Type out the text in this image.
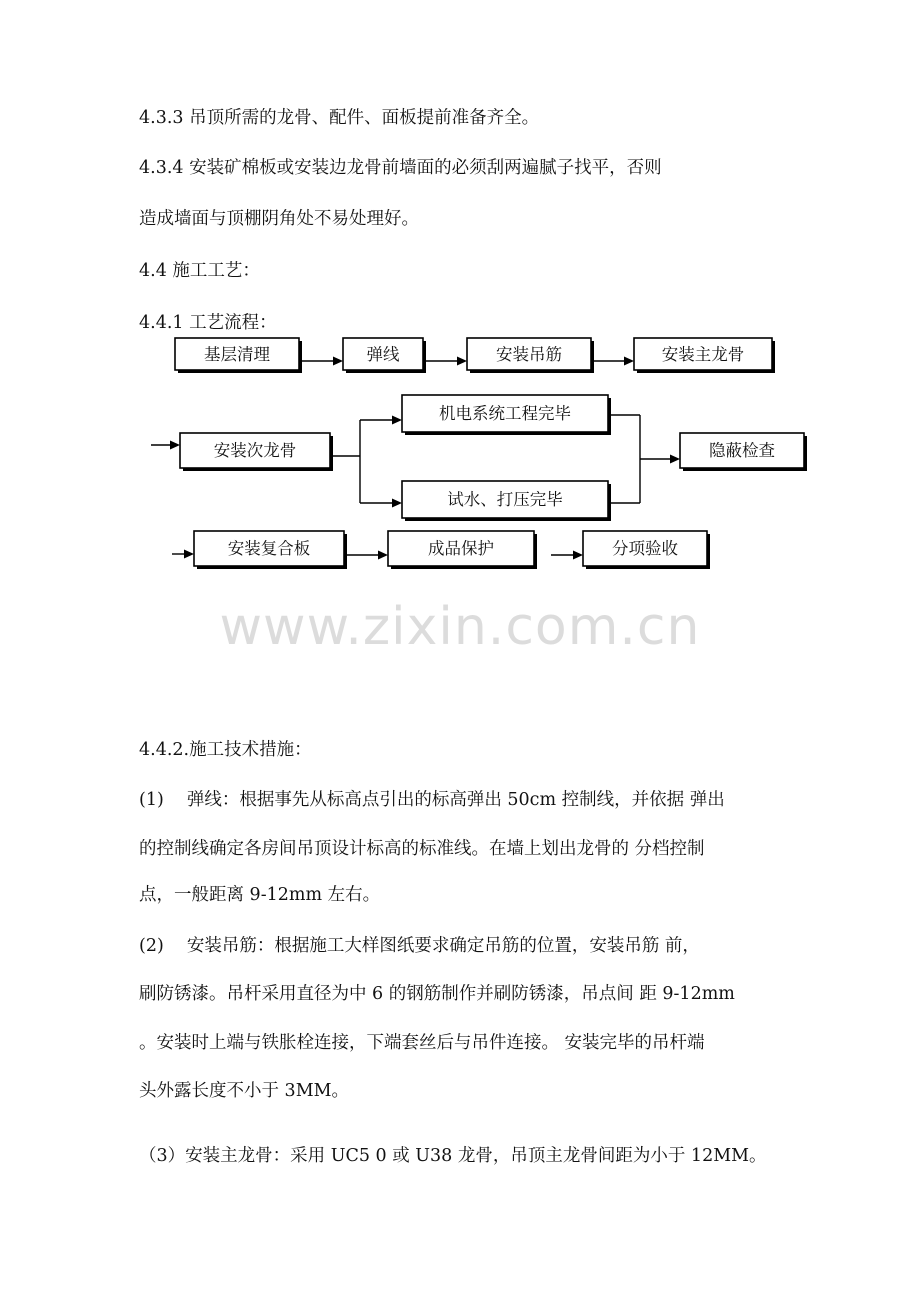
4.3.3 吊顶所需的龙骨、配件、面板提前准备齐全。
4.3.4 安装矿棉板或安装边龙骨前墙面的必须刮两遍腻子找平，否则
造成墙面与顶棚阴角处不易处理好。
4.4 施工工艺：
4.4.1 工艺流程：
基层清理	弹线	安装吊筋	安装主龙骨
安装次龙骨
机电系统工程完毕
试水、打压完毕
隐蔽检查
安装复合板	成品保护	分项验收
www.zixin.com.cn
4.4.2.施工技术措施：
(1)　 弹线：根据事先从标高点引出的标高弹出 50cm 控制线，并依据 弹出
的控制线确定各房间吊顶设计标高的标准线。在墙上划出龙骨的 分档控制
点，一般距离 9-12mm 左右。
(2)　 安装吊筋：根据施工大样图纸要求确定吊筋的位置，安装吊筋 前，
刷防锈漆。吊杆采用直径为中 6 的钢筋制作并刷防锈漆，吊点间 距 9-12mm
。安装时上端与铁胀栓连接，下端套丝后与吊件连接。 安装完毕的吊杆端
头外露长度不小于 3MM。
（3）安装主龙骨：采用 UC5 0 或 U38 龙骨，吊顶主龙骨间距为小于 12MM。
